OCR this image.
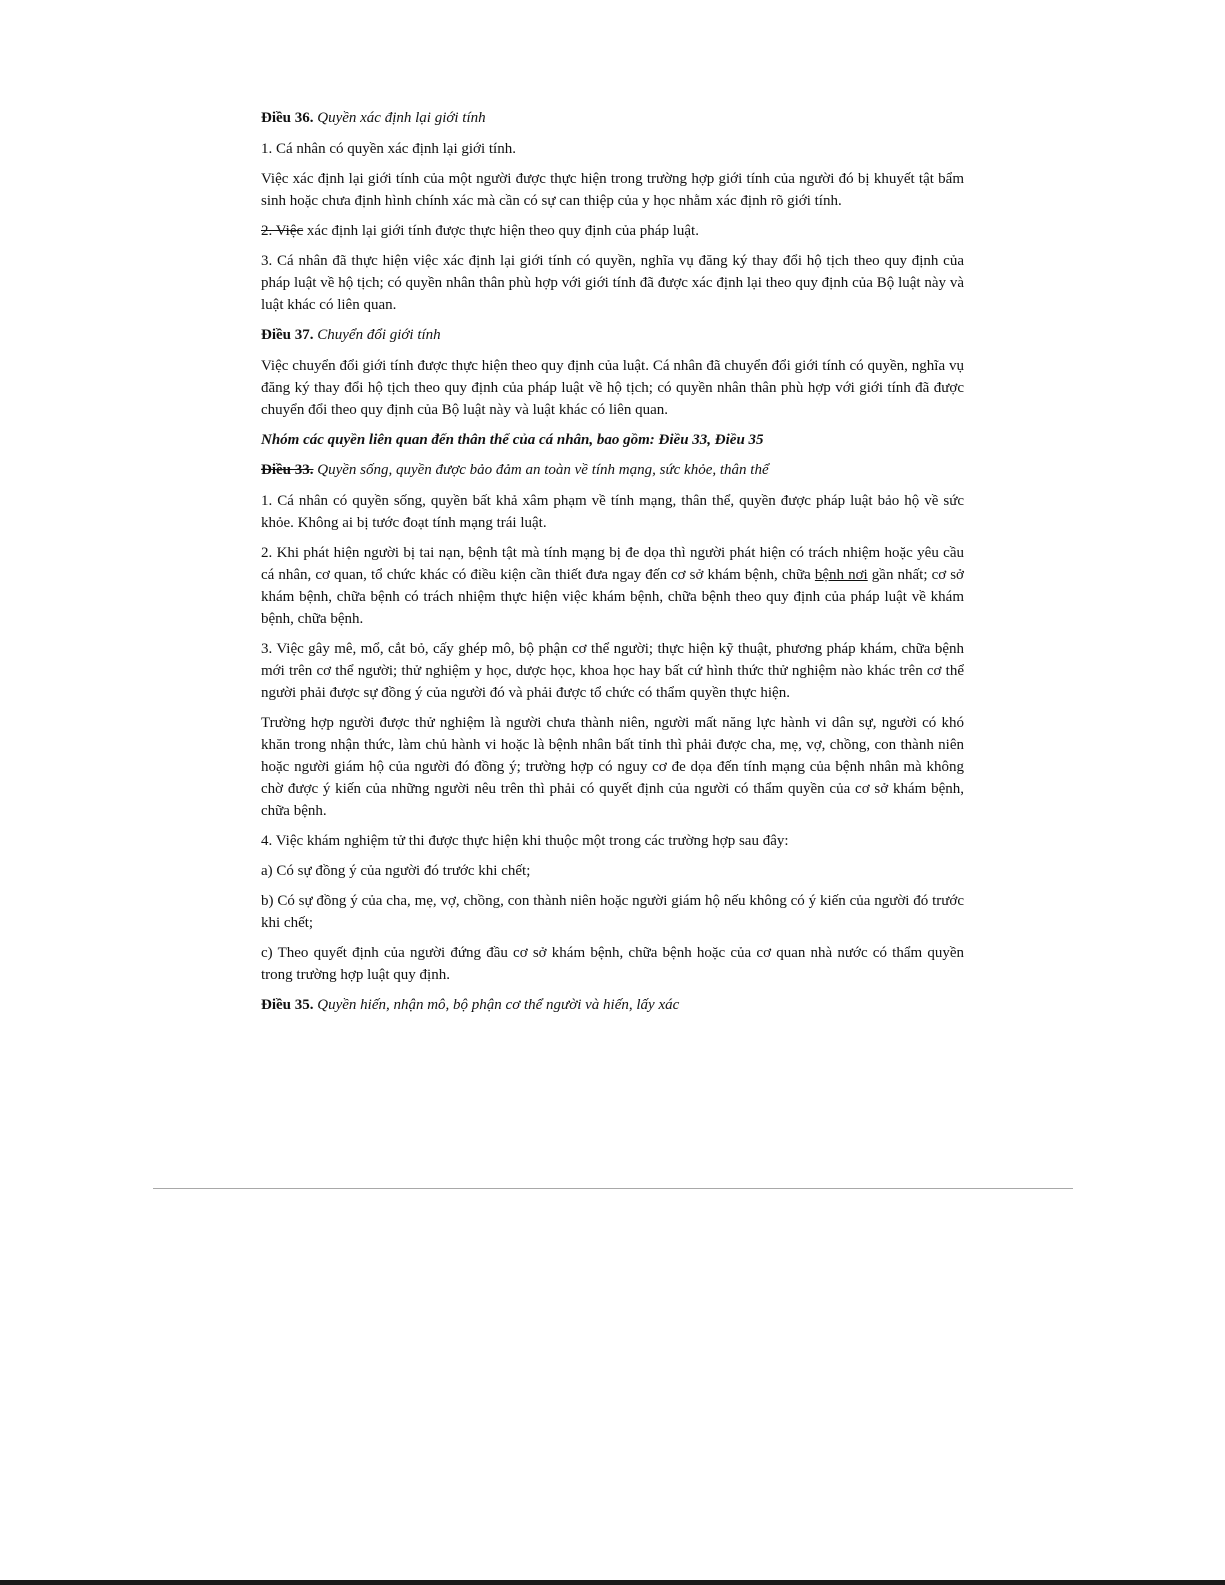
Điều 36. Quyền xác định lại giới tính

1. Cá nhân có quyền xác định lại giới tính.

Việc xác định lại giới tính của một người được thực hiện trong trường hợp giới tính của người đó bị khuyết tật bẩm sinh hoặc chưa định hình chính xác mà cần có sự can thiệp của y học nhằm xác định rõ giới tính.

2. Việc xác định lại giới tính được thực hiện theo quy định của pháp luật.

3. Cá nhân đã thực hiện việc xác định lại giới tính có quyền, nghĩa vụ đăng ký thay đổi hộ tịch theo quy định của pháp luật về hộ tịch; có quyền nhân thân phù hợp với giới tính đã được xác định lại theo quy định của Bộ luật này và luật khác có liên quan.

Điều 37. Chuyển đổi giới tính

Việc chuyển đổi giới tính được thực hiện theo quy định của luật. Cá nhân đã chuyển đổi giới tính có quyền, nghĩa vụ đăng ký thay đổi hộ tịch theo quy định của pháp luật về hộ tịch; có quyền nhân thân phù hợp với giới tính đã được chuyển đổi theo quy định của Bộ luật này và luật khác có liên quan.

Nhóm các quyền liên quan đến thân thể của cá nhân, bao gồm: Điều 33, Điều 35

Điều 33. Quyền sống, quyền được bảo đảm an toàn về tính mạng, sức khỏe, thân thể

1. Cá nhân có quyền sống, quyền bất khả xâm phạm về tính mạng, thân thể, quyền được pháp luật bảo hộ về sức khỏe. Không ai bị tước đoạt tính mạng trái luật.

2. Khi phát hiện người bị tai nạn, bệnh tật mà tính mạng bị đe dọa thì người phát hiện có trách nhiệm hoặc yêu cầu cá nhân, cơ quan, tổ chức khác có điều kiện cần thiết đưa ngay đến cơ sở khám bệnh, chữa bệnh nơi gần nhất; cơ sở khám bệnh, chữa bệnh có trách nhiệm thực hiện việc khám bệnh, chữa bệnh theo quy định của pháp luật về khám bệnh, chữa bệnh.

3. Việc gây mê, mổ, cắt bỏ, cấy ghép mô, bộ phận cơ thể người; thực hiện kỹ thuật, phương pháp khám, chữa bệnh mới trên cơ thể người; thử nghiệm y học, dược học, khoa học hay bất cứ hình thức thử nghiệm nào khác trên cơ thể người phải được sự đồng ý của người đó và phải được tổ chức có thẩm quyền thực hiện.

Trường hợp người được thử nghiệm là người chưa thành niên, người mất năng lực hành vi dân sự, người có khó khăn trong nhận thức, làm chủ hành vi hoặc là bệnh nhân bất tỉnh thì phải được cha, mẹ, vợ, chồng, con thành niên hoặc người giám hộ của người đó đồng ý; trường hợp có nguy cơ đe dọa đến tính mạng của bệnh nhân mà không chờ được ý kiến của những người nêu trên thì phải có quyết định của người có thẩm quyền của cơ sở khám bệnh, chữa bệnh.

4. Việc khám nghiệm tử thi được thực hiện khi thuộc một trong các trường hợp sau đây:

a) Có sự đồng ý của người đó trước khi chết;

b) Có sự đồng ý của cha, mẹ, vợ, chồng, con thành niên hoặc người giám hộ nếu không có ý kiến của người đó trước khi chết;

c) Theo quyết định của người đứng đầu cơ sở khám bệnh, chữa bệnh hoặc của cơ quan nhà nước có thẩm quyền trong trường hợp luật quy định.

Điều 35. Quyền hiến, nhận mô, bộ phận cơ thể người và hiến, lấy xác
